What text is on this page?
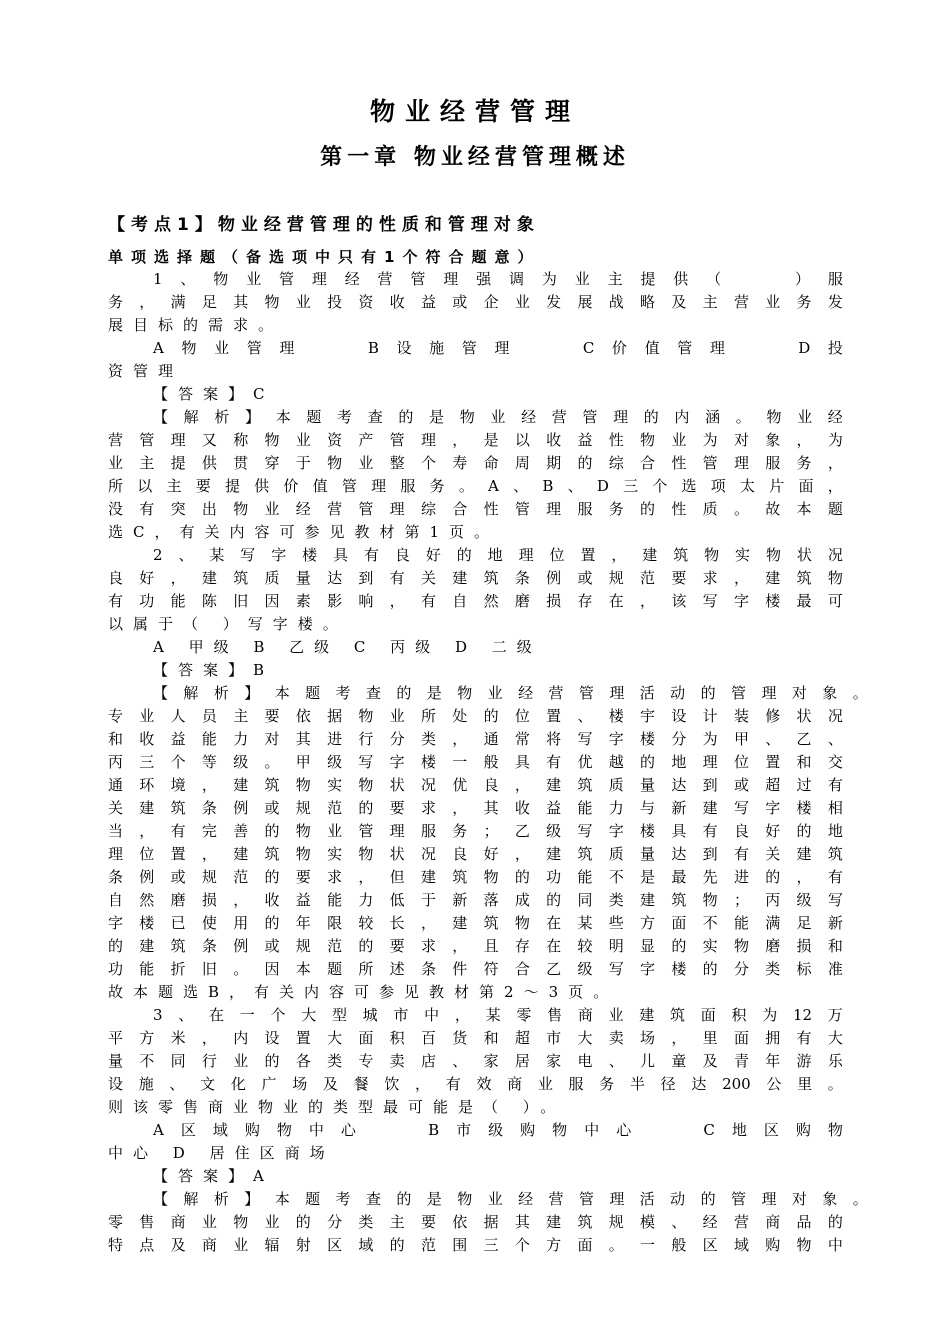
物业经营管理
第一章 物业经营管理概述
【考点1】物业经营管理的性质和管理对象
单项选择题（备选项中只有1个符合题意）
1 、 物 业 管 理 经 营 管 理 强 调 为 业 主 提 供 （
	） 服
务 ， 满 足 其 物 业 投 资 收 益 或 企 业 发 展 战 略 及 主 营 业 务 发
展目标的需求。
A 物 业 管 理
	B 设 施 管 理
	C 价 值 管 理
	D 投
资管理
【答案】C
【 解 析 】 本 题 考 查 的 是 物 业 经 营 管 理 的 内 涵 。 物 业 经
营 管 理 又 称 物 业 资 产 管 理 ， 是 以 收 益 性 物 业 为 对 象 ， 为
业 主 提 供 贯 穿 于 物 业 整 个 寿 命 周 期 的 综 合 性 管 理 服 务 ，
所 以 主 要 提 供 价 值 管 理 服 务 。 A 、 B 、 D 三 个 选 项 太 片 面 ，
没 有 突 出 物 业 经 营 管 理 综 合 性 管 理 服 务 的 性 质 。 故 本 题
选C，有关内容可参见教材第1页。
2 、 某 写 字 楼 具 有 良 好 的 地 理 位 置 ， 建 筑 物 实 物 状 况
良 好 ， 建 筑 质 量 达 到 有 关 建 筑 条 例 或 规 范 要 求 ， 建 筑 物
有 功 能 陈 旧 因 素 影 响 ， 有 自 然 磨 损 存 在 ， 该 写 字 楼 最 可
以属于（ ）写字楼。
A 甲级 B 乙级 C 丙级 D 二级
【答案】B
【 解 析 】 本 题 考 查 的 是 物 业 经 营 管 理 活 动 的 管 理 对 象 。
专 业 人 员 主 要 依 据 物 业 所 处 的 位 置 、 楼 宇 设 计 装 修 状 况
和 收 益 能 力 对 其 进 行 分 类 ， 通 常 将 写 字 楼 分 为 甲 、 乙 、
丙 三 个 等 级 。 甲 级 写 字 楼 一 般 具 有 优 越 的 地 理 位 置 和 交
通 环 境 ， 建 筑 物 实 物 状 况 优 良 ， 建 筑 质 量 达 到 或 超 过 有
关 建 筑 条 例 或 规 范 的 要 求 ， 其 收 益 能 力 与 新 建 写 字 楼 相
当 ， 有 完 善 的 物 业 管 理 服 务 ； 乙 级 写 字 楼 具 有 良 好 的 地
理 位 置 ， 建 筑 物 实 物 状 况 良 好 ， 建 筑 质 量 达 到 有 关 建 筑
条 例 或 规 范 的 要 求 ， 但 建 筑 物 的 功 能 不 是 最 先 进 的 ， 有
自 然 磨 损 ， 收 益 能 力 低 于 新 落 成 的 同 类 建 筑 物 ； 丙 级 写
字 楼 已 使 用 的 年 限 较 长 ， 建 筑 物 在 某 些 方 面 不 能 满 足 新
的 建 筑 条 例 或 规 范 的 要 求 ， 且 存 在 较 明 显 的 实 物 磨 损 和
功 能 折 旧 。 因 本 题 所 述 条 件 符 合 乙 级 写 字 楼 的 分 类 标 准
故本题选B，有关内容可参见教材第2～3页。
3 、 在 一 个 大 型 城 市 中 ， 某 零 售 商 业 建 筑 面 积 为 12 万
平 方 米 ， 内 设 置 大 面 积 百 货 和 超 市 大 卖 场 ， 里 面 拥 有 大
量 不 同 行 业 的 各 类 专 卖 店 、 家 居 家 电 、 儿 童 及 青 年 游 乐
设 施 、 文 化 广 场 及 餐 饮 ， 有 效 商 业 服 务 半 径 达 200 公 里 。
则该零售商业物业的类型最可能是（ ）。
A 区 域 购 物 中 心
	B 市 级 购 物 中 心
	C 地 区 购 物
中心 D 居住区商场
【答案】A
【 解 析 】 本 题 考 查 的 是 物 业 经 营 管 理 活 动 的 管 理 对 象 。
零 售 商 业 物 业 的 分 类 主 要 依 据 其 建 筑 规 模 、 经 营 商 品 的
特 点 及 商 业 辐 射 区 域 的 范 围 三 个 方 面 。 一 般 区 域 购 物 中
